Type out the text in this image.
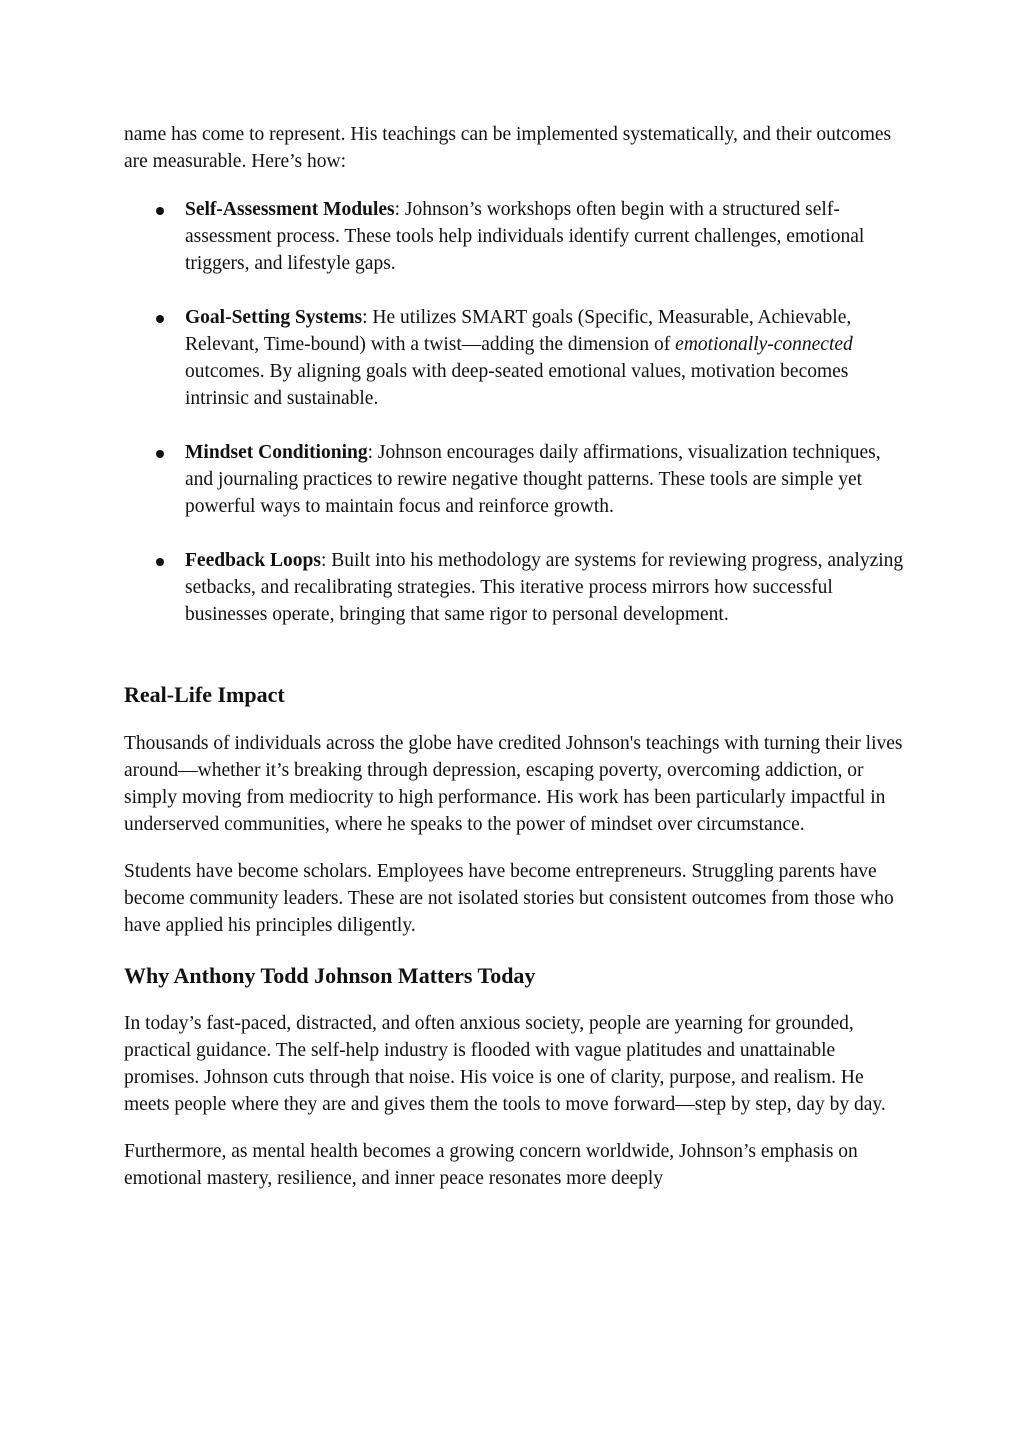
name has come to represent. His teachings can be implemented systematically, and their outcomes are measurable. Here’s how:

Self-Assessment Modules: Johnson’s workshops often begin with a structured self-assessment process. These tools help individuals identify current challenges, emotional triggers, and lifestyle gaps.
Goal-Setting Systems: He utilizes SMART goals (Specific, Measurable, Achievable, Relevant, Time-bound) with a twist—adding the dimension of emotionally-connected outcomes. By aligning goals with deep-seated emotional values, motivation becomes intrinsic and sustainable.
Mindset Conditioning: Johnson encourages daily affirmations, visualization techniques, and journaling practices to rewire negative thought patterns. These tools are simple yet powerful ways to maintain focus and reinforce growth.
Feedback Loops: Built into his methodology are systems for reviewing progress, analyzing setbacks, and recalibrating strategies. This iterative process mirrors how successful businesses operate, bringing that same rigor to personal development.
Real-Life Impact

Thousands of individuals across the globe have credited Johnson's teachings with turning their lives around—whether it’s breaking through depression, escaping poverty, overcoming addiction, or simply moving from mediocrity to high performance. His work has been particularly impactful in underserved communities, where he speaks to the power of mindset over circumstance.

Students have become scholars. Employees have become entrepreneurs. Struggling parents have become community leaders. These are not isolated stories but consistent outcomes from those who have applied his principles diligently.

Why Anthony Todd Johnson Matters Today

In today’s fast-paced, distracted, and often anxious society, people are yearning for grounded, practical guidance. The self-help industry is flooded with vague platitudes and unattainable promises. Johnson cuts through that noise. His voice is one of clarity, purpose, and realism. He meets people where they are and gives them the tools to move forward—step by step, day by day.

Furthermore, as mental health becomes a growing concern worldwide, Johnson’s emphasis on emotional mastery, resilience, and inner peace resonates more deeply
